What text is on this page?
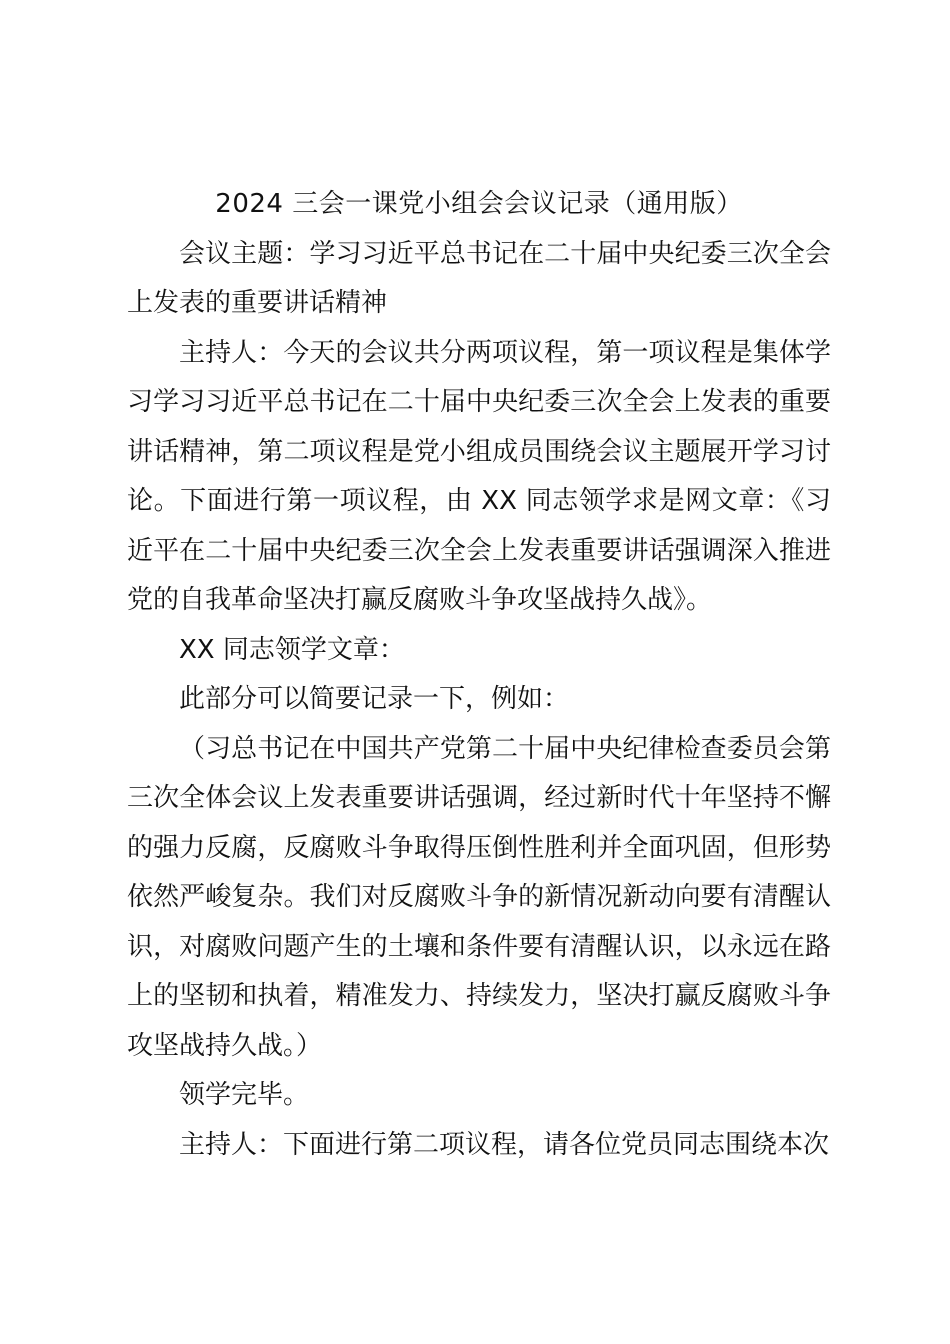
2024 三会一课党小组会会议记录（通用版）

会议主题：学习习近平总书记在二十届中央纪委三次全会上发表的重要讲话精神

主持人：今天的会议共分两项议程，第一项议程是集体学习学习习近平总书记在二十届中央纪委三次全会上发表的重要讲话精神，第二项议程是党小组成员围绕会议主题展开学习讨论。下面进行第一项议程，由 XX 同志领学求是网文章：《习近平在二十届中央纪委三次全会上发表重要讲话强调深入推进党的自我革命坚决打赢反腐败斗争攻坚战持久战》。

XX 同志领学文章：

此部分可以简要记录一下，例如：

（习总书记在中国共产党第二十届中央纪律检查委员会第三次全体会议上发表重要讲话强调，经过新时代十年坚持不懈的强力反腐，反腐败斗争取得压倒性胜利并全面巩固，但形势依然严峻复杂。我们对反腐败斗争的新情况新动向要有清醒认识，对腐败问题产生的土壤和条件要有清醒认识，以永远在路上的坚韧和执着，精准发力、持续发力，坚决打赢反腐败斗争攻坚战持久战。）

领学完毕。

主持人：下面进行第二项议程，请各位党员同志围绕本次
